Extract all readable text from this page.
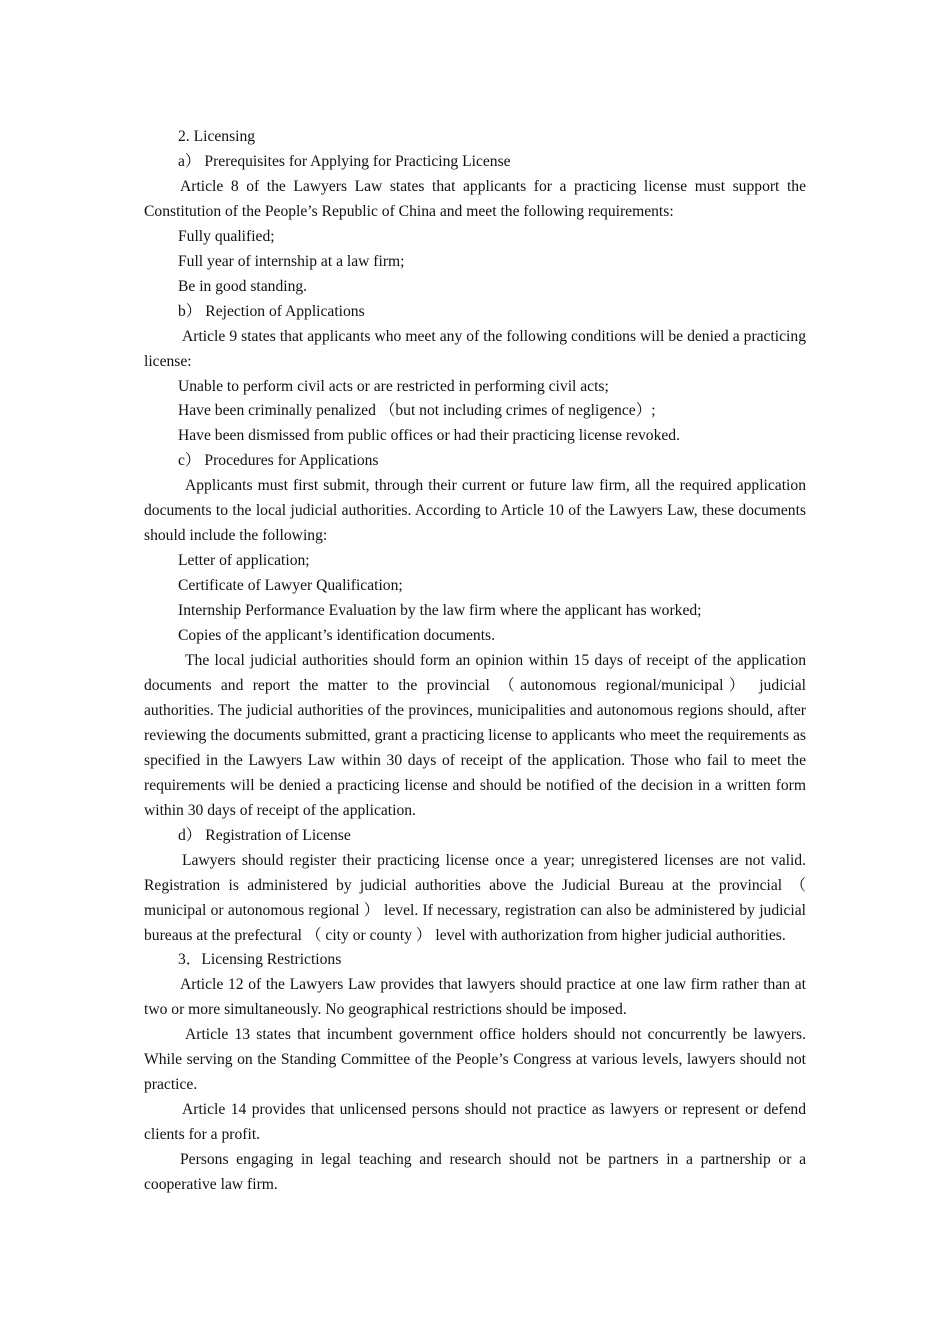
2. Licensing

a） Prerequisites for Applying for Practicing License

Article 8 of the Lawyers Law states that applicants for a practicing license must support the Constitution of the People’s Republic of China and meet the following requirements:

Fully qualified;

Full year of internship at a law firm;

Be in good standing.

b） Rejection of Applications

Article 9 states that applicants who meet any of the following conditions will be denied a practicing license:

Unable to perform civil acts or are restricted in performing civil acts;

Have been criminally penalized （but not including crimes of negligence）;

Have been dismissed from public offices or had their practicing license revoked.

c） Procedures for Applications

Applicants must first submit, through their current or future law firm, all the required application documents to the local judicial authorities. According to Article 10 of the Lawyers Law, these documents should include the following:

Letter of application;

Certificate of Lawyer Qualification;

Internship Performance Evaluation by the law firm where the applicant has worked;

Copies of the applicant’s identification documents.

The local judicial authorities should form an opinion within 15 days of receipt of the application documents and report the matter to the provincial （autonomous regional/municipal） judicial authorities. The judicial authorities of the provinces, municipalities and autonomous regions should, after reviewing the documents submitted, grant a practicing license to applicants who meet the requirements as specified in the Lawyers Law within 30 days of receipt of the application. Those who fail to meet the requirements will be denied a practicing license and should be notified of the decision in a written form within 30 days of receipt of the application.

d） Registration of License

Lawyers should register their practicing license once a year; unregistered licenses are not valid. Registration is administered by judicial authorities above the Judicial Bureau at the provincial （ municipal or autonomous regional ） level. If necessary, registration can also be administered by judicial bureaus at the prefectural （ city or county ） level with authorization from higher judicial authorities.

3．Licensing Restrictions

Article 12 of the Lawyers Law provides that lawyers should practice at one law firm rather than at two or more simultaneously. No geographical restrictions should be imposed.

Article 13 states that incumbent government office holders should not concurrently be lawyers. While serving on the Standing Committee of the People’s Congress at various levels, lawyers should not practice.

Article 14 provides that unlicensed persons should not practice as lawyers or represent or defend clients for a profit.

Persons engaging in legal teaching and research should not be partners in a partnership or a cooperative law firm.
